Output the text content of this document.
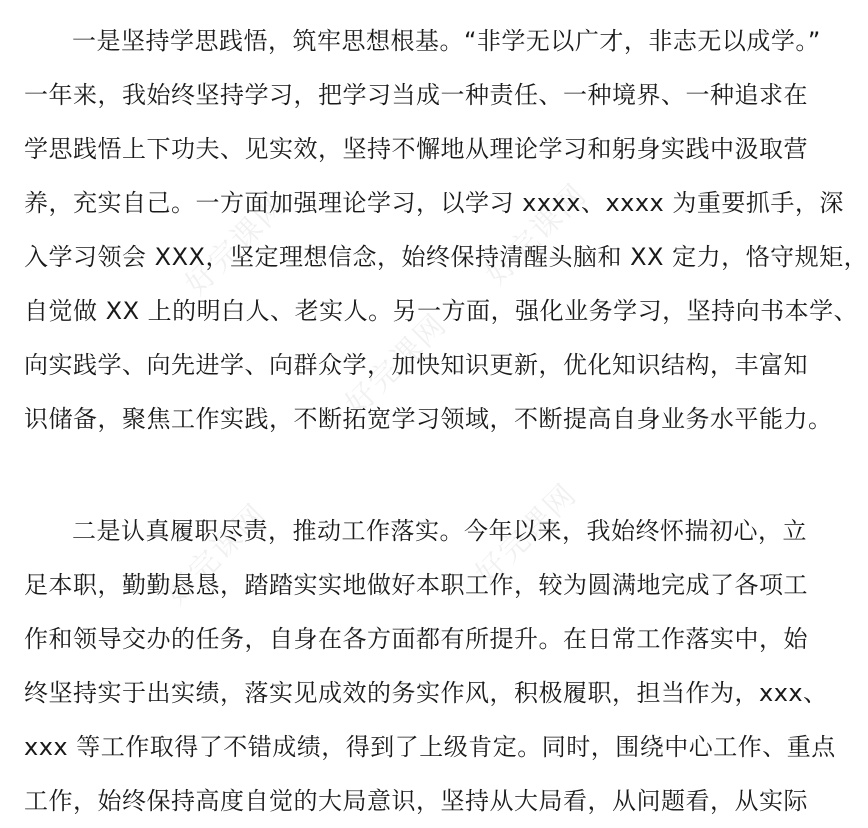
好完课网	好完课网
好完课网	好完课网
好完课网
一是坚持学思践悟，筑牢思想根基。“非学无以广才，非志无以成学。”
一年来，我始终坚持学习，把学习当成一种责任、一种境界、一种追求在
学思践悟上下功夫、见实效，坚持不懈地从理论学习和躬身实践中汲取营
养，充实自己。一方面加强理论学习，以学习 xxxx、xxxx 为重要抓手，深
入学习领会 XXX，坚定理想信念，始终保持清醒头脑和 XX 定力，恪守规矩，
自觉做 XX 上的明白人、老实人。另一方面，强化业务学习，坚持向书本学、
向实践学、向先进学、向群众学，加快知识更新，优化知识结构，丰富知
识储备，聚焦工作实践，不断拓宽学习领域，不断提高自身业务水平能力。
二是认真履职尽责，推动工作落实。今年以来，我始终怀揣初心，立
足本职，勤勤恳恳，踏踏实实地做好本职工作，较为圆满地完成了各项工
作和领导交办的任务，自身在各方面都有所提升。在日常工作落实中，始
终坚持实于出实绩，落实见成效的务实作风，积极履职，担当作为，xxx、
xxx 等工作取得了不错成绩，得到了上级肯定。同时，围绕中心工作、重点
工作，始终保持高度自觉的大局意识，坚持从大局看，从问题看，从实际
